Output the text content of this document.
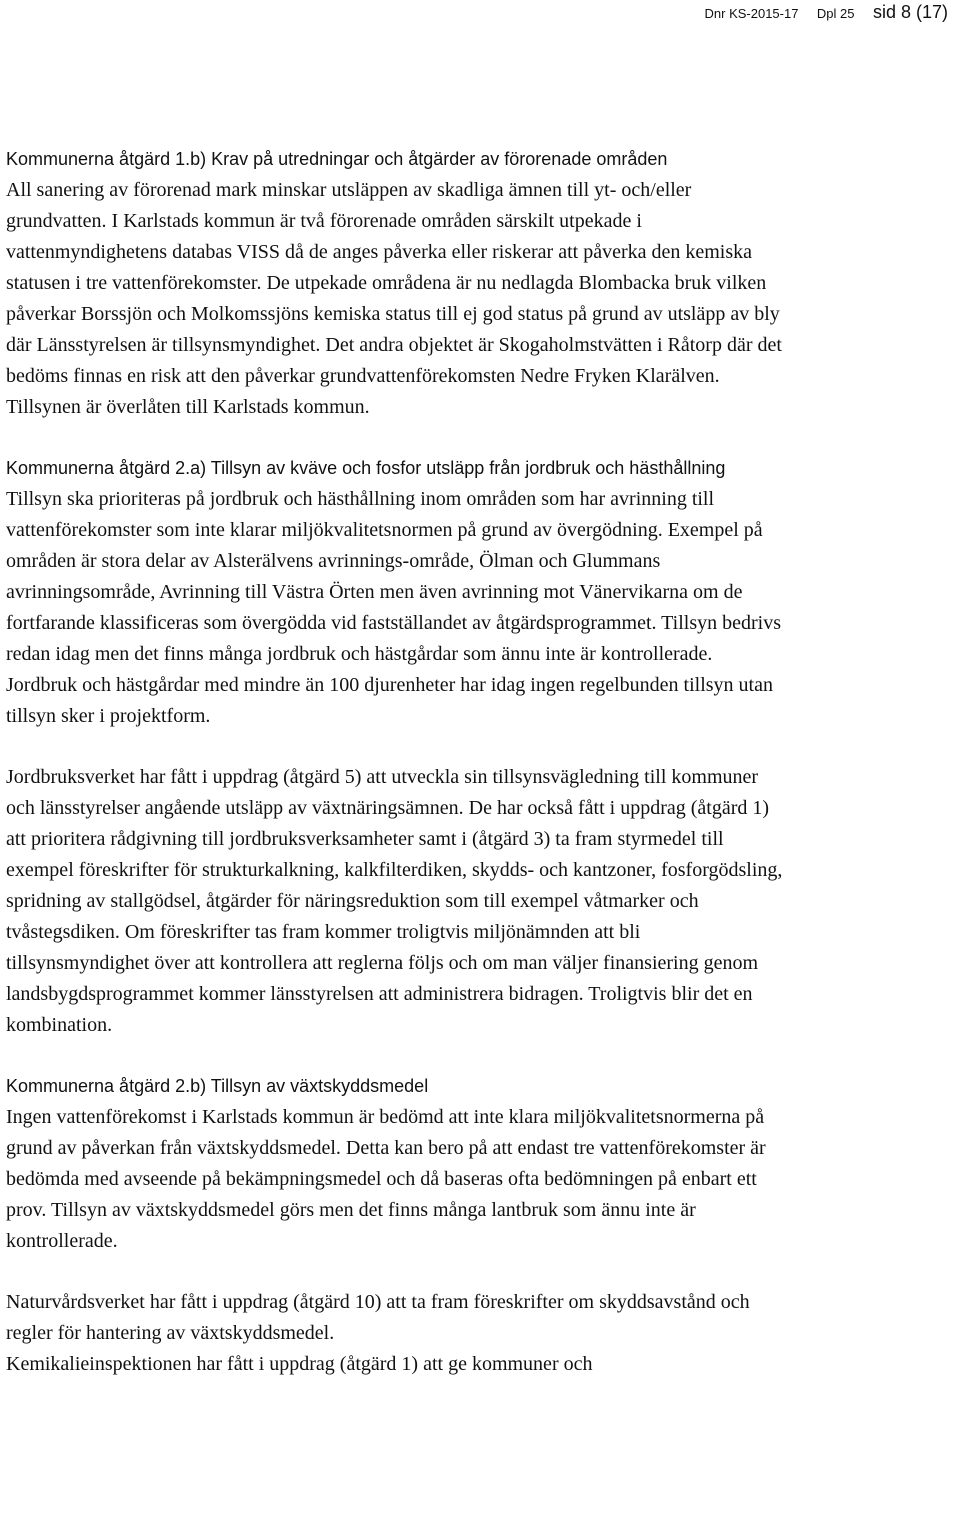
Dnr KS-2015-17 Dpl 25 sid 8 (17)

Kommunerna åtgärd 1.b) Krav på utredningar och åtgärder av förorenade områden

All sanering av förorenad mark minskar utsläppen av skadliga ämnen till yt- och/eller grundvatten. I Karlstads kommun är två förorenade områden särskilt utpekade i vattenmyndighetens databas VISS då de anges påverka eller riskerar att påverka den kemiska statusen i tre vattenförekomster. De utpekade områdena är nu nedlagda Blombacka bruk vilken påverkar Borssjön och Molkomssjöns kemiska status till ej god status på grund av utsläpp av bly där Länsstyrelsen är tillsynsmyndighet. Det andra objektet är Skogaholmstvätten i Råtorp där det bedöms finnas en risk att den påverkar grundvattenförekomsten Nedre Fryken Klarälven. Tillsynen är överlåten till Karlstads kommun.

Kommunerna åtgärd 2.a) Tillsyn av kväve och fosfor utsläpp från jordbruk och hästhållning

Tillsyn ska prioriteras på jordbruk och hästhållning inom områden som har avrinning till vattenförekomster som inte klarar miljökvalitetsnormen på grund av övergödning. Exempel på områden är stora delar av Alsterälvens avrinnings-område, Ölman och Glummans avrinningsområde, Avrinning till Västra Örten men även avrinning mot Vänervikarna om de fortfarande klassificeras som övergödda vid fastställandet av åtgärdsprogrammet. Tillsyn bedrivs redan idag men det finns många jordbruk och hästgårdar som ännu inte är kontrollerade. Jordbruk och hästgårdar med mindre än 100 djurenheter har idag ingen regelbunden tillsyn utan tillsyn sker i projektform.

Jordbruksverket har fått i uppdrag (åtgärd 5) att utveckla sin tillsynsvägledning till kommuner och länsstyrelser angående utsläpp av växtnäringsämnen. De har också fått i uppdrag (åtgärd 1) att prioritera rådgivning till jordbruksverksamheter samt i (åtgärd 3) ta fram styrmedel till exempel föreskrifter för strukturkalkning, kalkfilterdiken, skydds- och kantzoner, fosforgödsling, spridning av stallgödsel, åtgärder för näringsreduktion som till exempel våtmarker och tvåstegsdiken. Om föreskrifter tas fram kommer troligtvis miljönämnden att bli tillsynsmyndighet över att kontrollera att reglerna följs och om man väljer finansiering genom landsbygdsprogrammet kommer länsstyrelsen att administrera bidragen. Troligtvis blir det en kombination.

Kommunerna åtgärd 2.b) Tillsyn av växtskyddsmedel

Ingen vattenförekomst i Karlstads kommun är bedömd att inte klara miljökvalitetsnormerna på grund av påverkan från växtskyddsmedel. Detta kan bero på att endast tre vattenförekomster är bedömda med avseende på bekämpningsmedel och då baseras ofta bedömningen på enbart ett prov. Tillsyn av växtskyddsmedel görs men det finns många lantbruk som ännu inte är kontrollerade.

Naturvårdsverket har fått i uppdrag (åtgärd 10) att ta fram föreskrifter om skyddsavstånd och regler för hantering av växtskyddsmedel.

Kemikalieinspektionen har fått i uppdrag (åtgärd 1) att ge kommuner och
